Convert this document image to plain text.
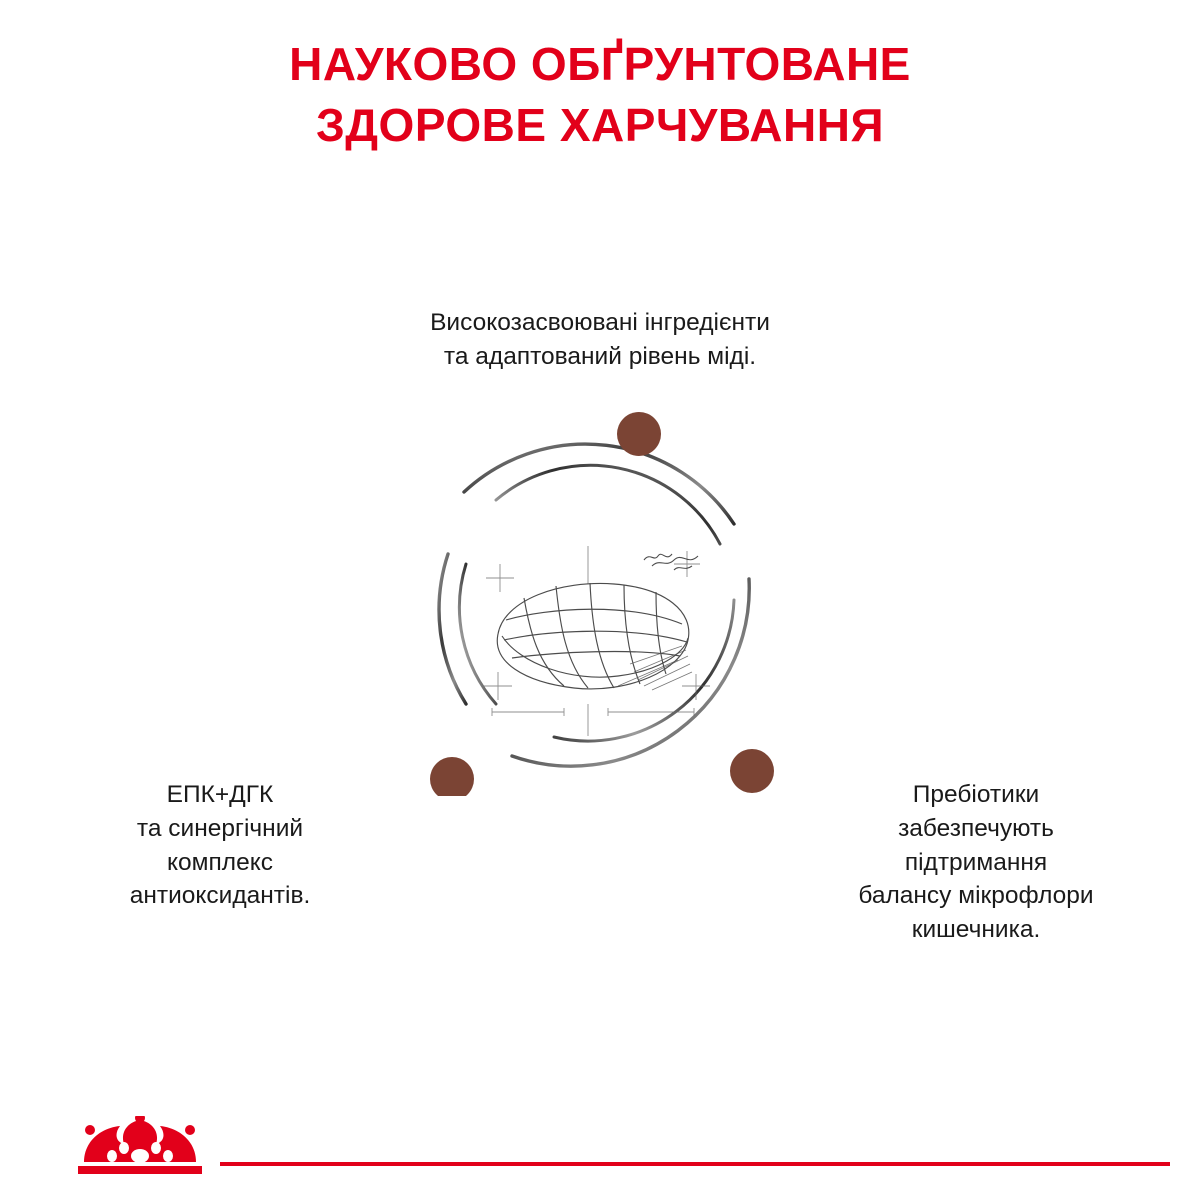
НАУКОВО ОБҐРУНТОВАНЕ
ЗДОРОВЕ ХАРЧУВАННЯ
Високозасвоювані інгредієнти
та адаптований рівень міді.
ЕПК+ДГК
та синергічний
комплекс
антиоксидантів.
Пребіотики
забезпечують
підтримання
балансу мікрофлори
кишечника.
